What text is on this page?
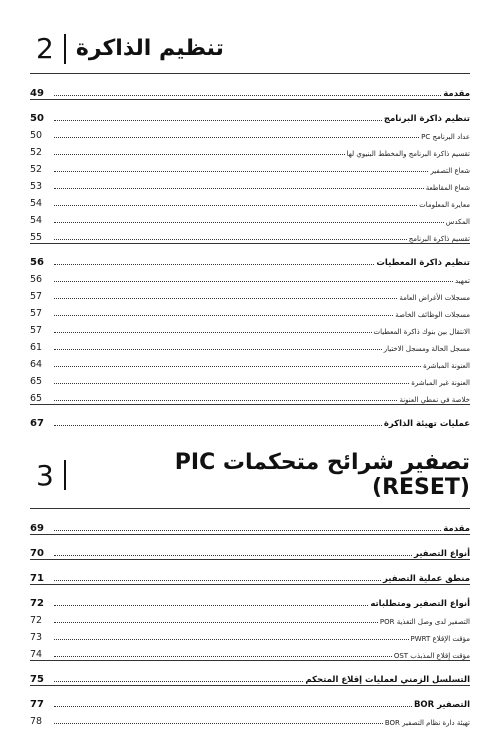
2 تنظيم الذاكرة
مقدمة
49
تنظيم ذاكرة البرنامج
50
عداد البرنامج PC
50
تقسيم ذاكرة البرنامج والمخطط البنيوي لها
52
شعاع التصفير
52
شعاع المقاطعة
53
معايرة المعلومات
54
المكدس
54
تقسيم ذاكرة البرنامج
55
تنظيم ذاكرة المعطيات
56
تمهيد
56
مسجلات الأغراض العامة
57
مسجلات الوظائف الخاصة
57
الانتقال بين بنوك ذاكرة المعطيات
57
مسجل الحالة ومسجل الاختيار
61
العنونة المباشرة
64
العنونة غير المباشرة
65
خلاصة في نمطي العنونة
65
عمليات تهيئة الذاكرة
67
3	تصفير شرائح متحكمات PIC (RESET)
مقدمة
69
أنواع التصفير
70
منطق عملية التصفير
71
أنواع التصفير ومتطلباته
72
التصفير لدى وصل التغذية POR
72
مؤقت الإقلاع PWRT
73
مؤقت إقلاع المذبذب OST
74
التسلسل الزمني لعمليات إقلاع المتحكم
75
التصفير BOR
77
تهيئة دارة نظام التصفير BOR
78
